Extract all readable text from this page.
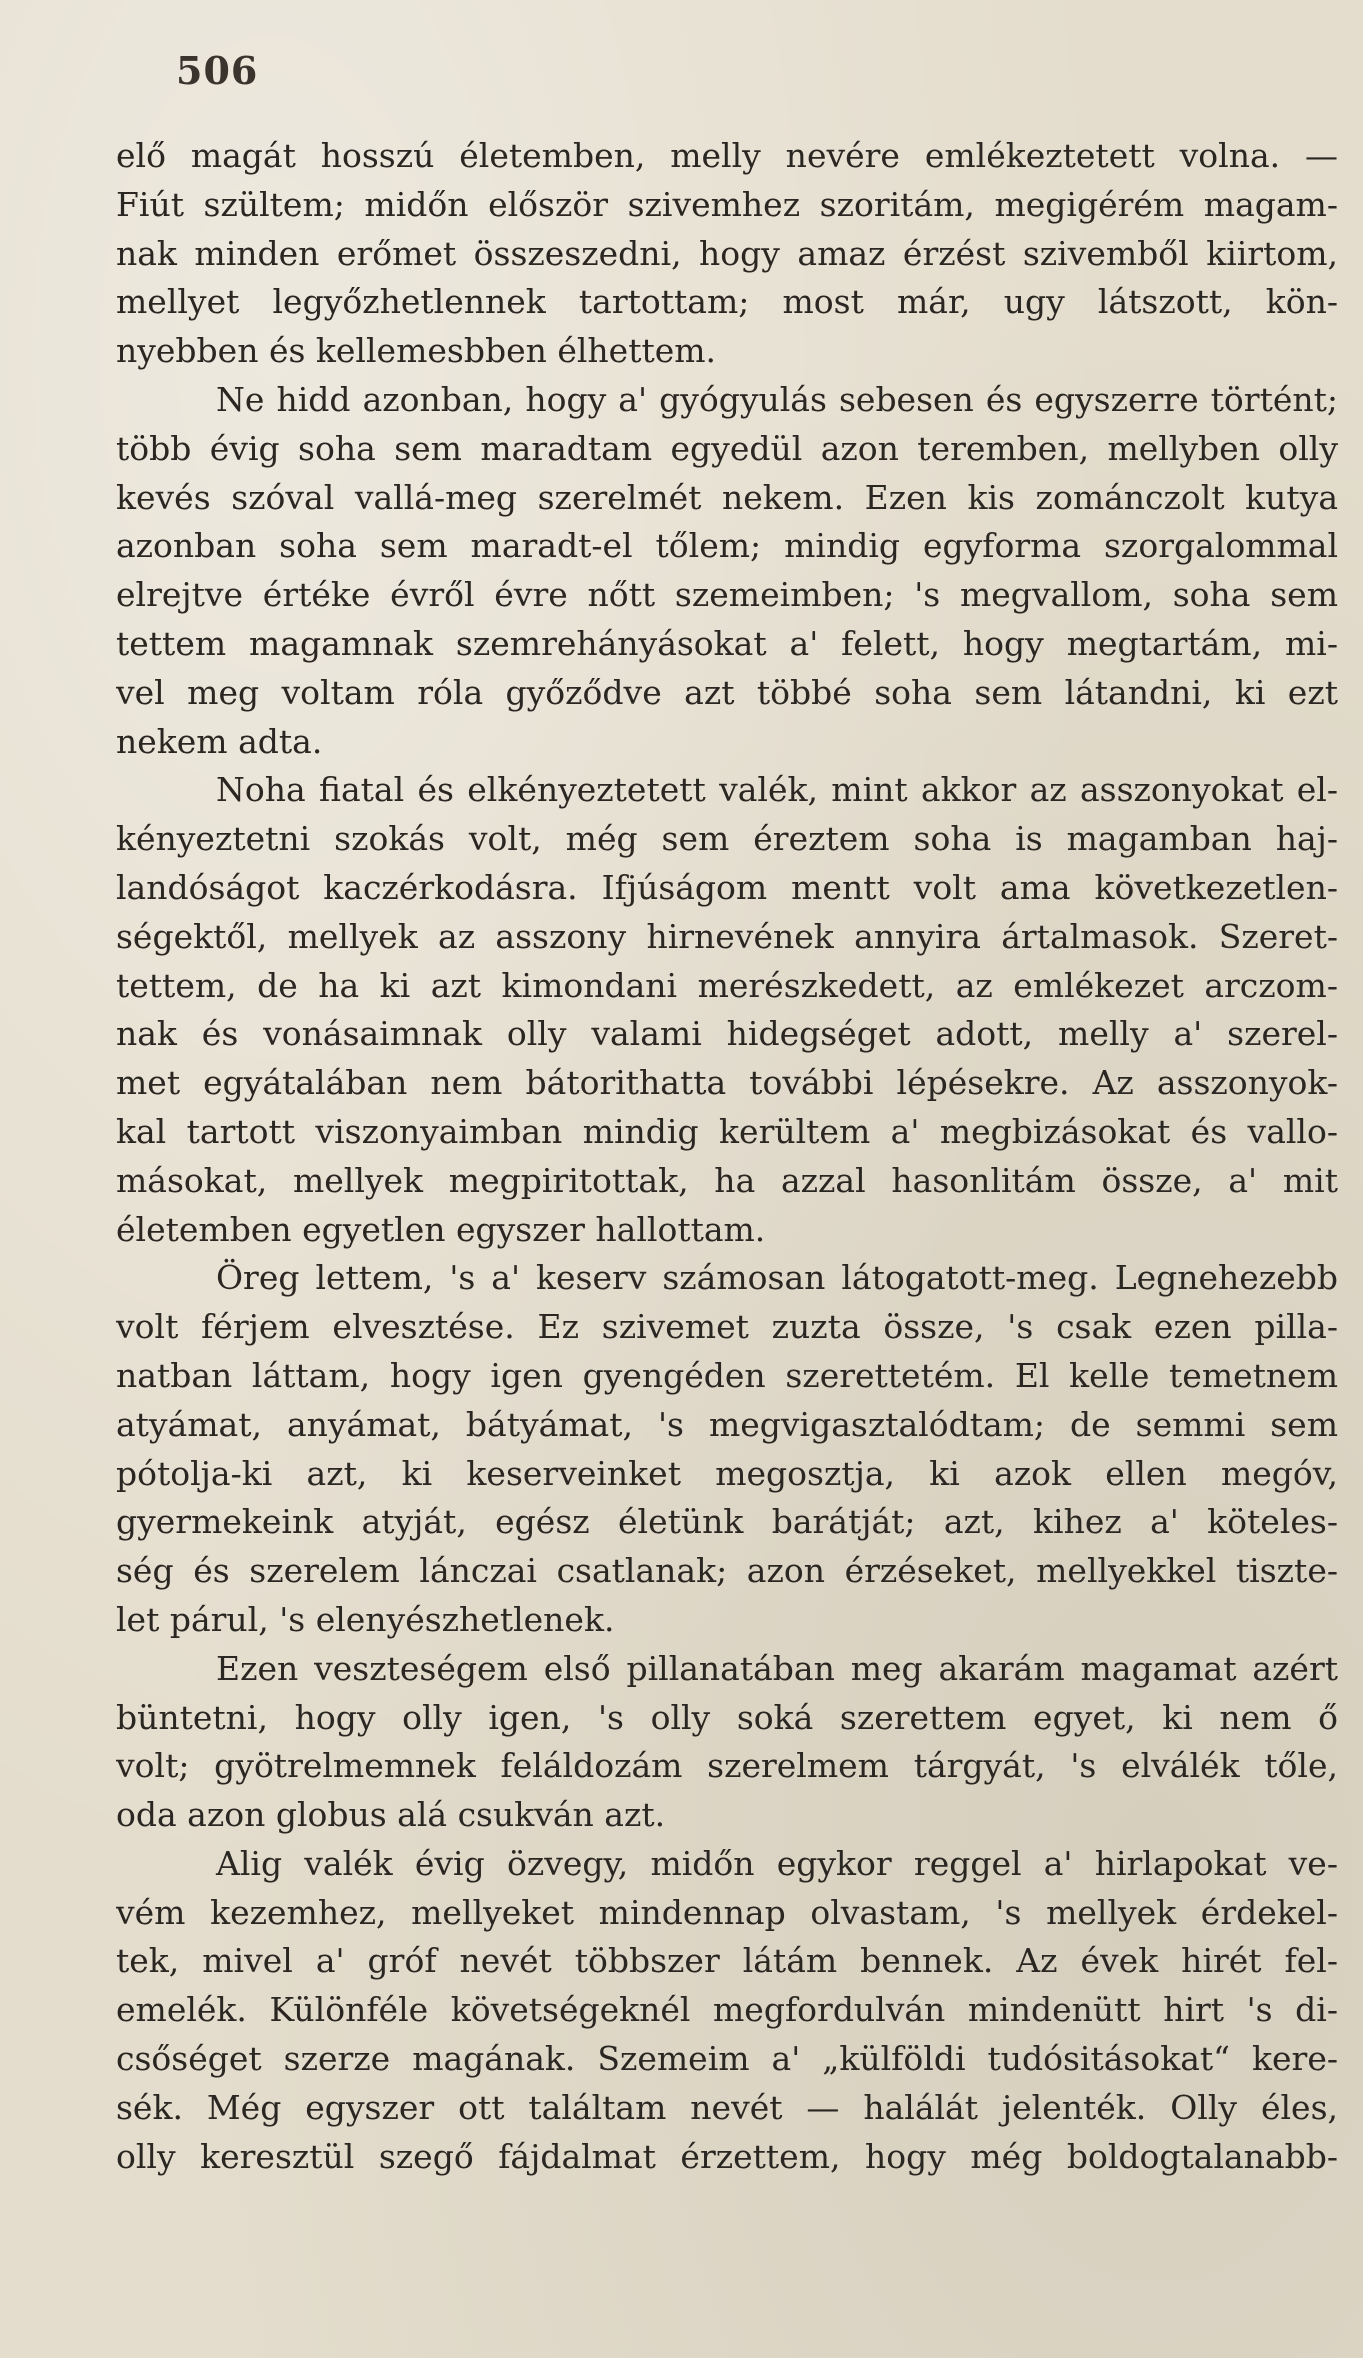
506
elő magát hosszú életemben, melly nevére emlékeztetett volna. —
Fiút szültem; midőn először szivemhez szoritám, megigérém magam-
nak minden erőmet összeszedni, hogy amaz érzést szivemből kiirtom,
mellyet legyőzhetlennek tartottam; most már, ugy látszott, kön-
nyebben és kellemesbben élhettem.
Ne hidd azonban, hogy a' gyógyulás sebesen és egyszerre történt;
több évig soha sem maradtam egyedül azon teremben, mellyben olly
kevés szóval vallá-meg szerelmét nekem. Ezen kis zománczolt kutya
azonban soha sem maradt-el tőlem; mindig egyforma szorgalommal
elrejtve értéke évről évre nőtt szemeimben; 's megvallom, soha sem
tettem magamnak szemrehányásokat a' felett, hogy megtartám, mi-
vel meg voltam róla győződve azt többé soha sem látandni, ki ezt
nekem adta.
Noha fiatal és elkényeztetett valék, mint akkor az asszonyokat el-
kényeztetni szokás volt, még sem éreztem soha is magamban haj-
landóságot kaczérkodásra. Ifjúságom mentt volt ama következetlen-
ségektől, mellyek az asszony hirnevének annyira ártalmasok. Szeret-
tettem, de ha ki azt kimondani merészkedett, az emlékezet arczom-
nak és vonásaimnak olly valami hidegséget adott, melly a' szerel-
met egyátalában nem bátorithatta további lépésekre. Az asszonyok-
kal tartott viszonyaimban mindig kerültem a' megbizásokat és vallo-
másokat, mellyek megpiritottak, ha azzal hasonlitám össze, a' mit
életemben egyetlen egyszer hallottam.
Öreg lettem, 's a' keserv számosan látogatott-meg. Legnehezebb
volt férjem elvesztése. Ez szivemet zuzta össze, 's csak ezen pilla-
natban láttam, hogy igen gyengéden szerettetém. El kelle temetnem
atyámat, anyámat, bátyámat, 's megvigasztalódtam; de semmi sem
pótolja-ki azt, ki keserveinket megosztja, ki azok ellen megóv,
gyermekeink atyját, egész életünk barátját; azt, kihez a' köteles-
ség és szerelem lánczai csatlanak; azon érzéseket, mellyekkel tiszte-
let párul, 's elenyészhetlenek.
Ezen veszteségem első pillanatában meg akarám magamat azért
büntetni, hogy olly igen, 's olly soká szerettem egyet, ki nem ő
volt; gyötrelmemnek feláldozám szerelmem tárgyát, 's elválék tőle,
oda azon globus alá csukván azt.
Alig valék évig özvegy, midőn egykor reggel a' hirlapokat ve-
vém kezemhez, mellyeket mindennap olvastam, 's mellyek érdekel-
tek, mivel a' gróf nevét többszer látám bennek. Az évek hirét fel-
emelék. Különféle követségeknél megfordulván mindenütt hirt 's di-
csőséget szerze magának. Szemeim a' „külföldi tudósitásokat“ kere-
sék. Még egyszer ott találtam nevét — halálát jelenték. Olly éles,
olly keresztül szegő fájdalmat érzettem, hogy még boldogtalanabb-
